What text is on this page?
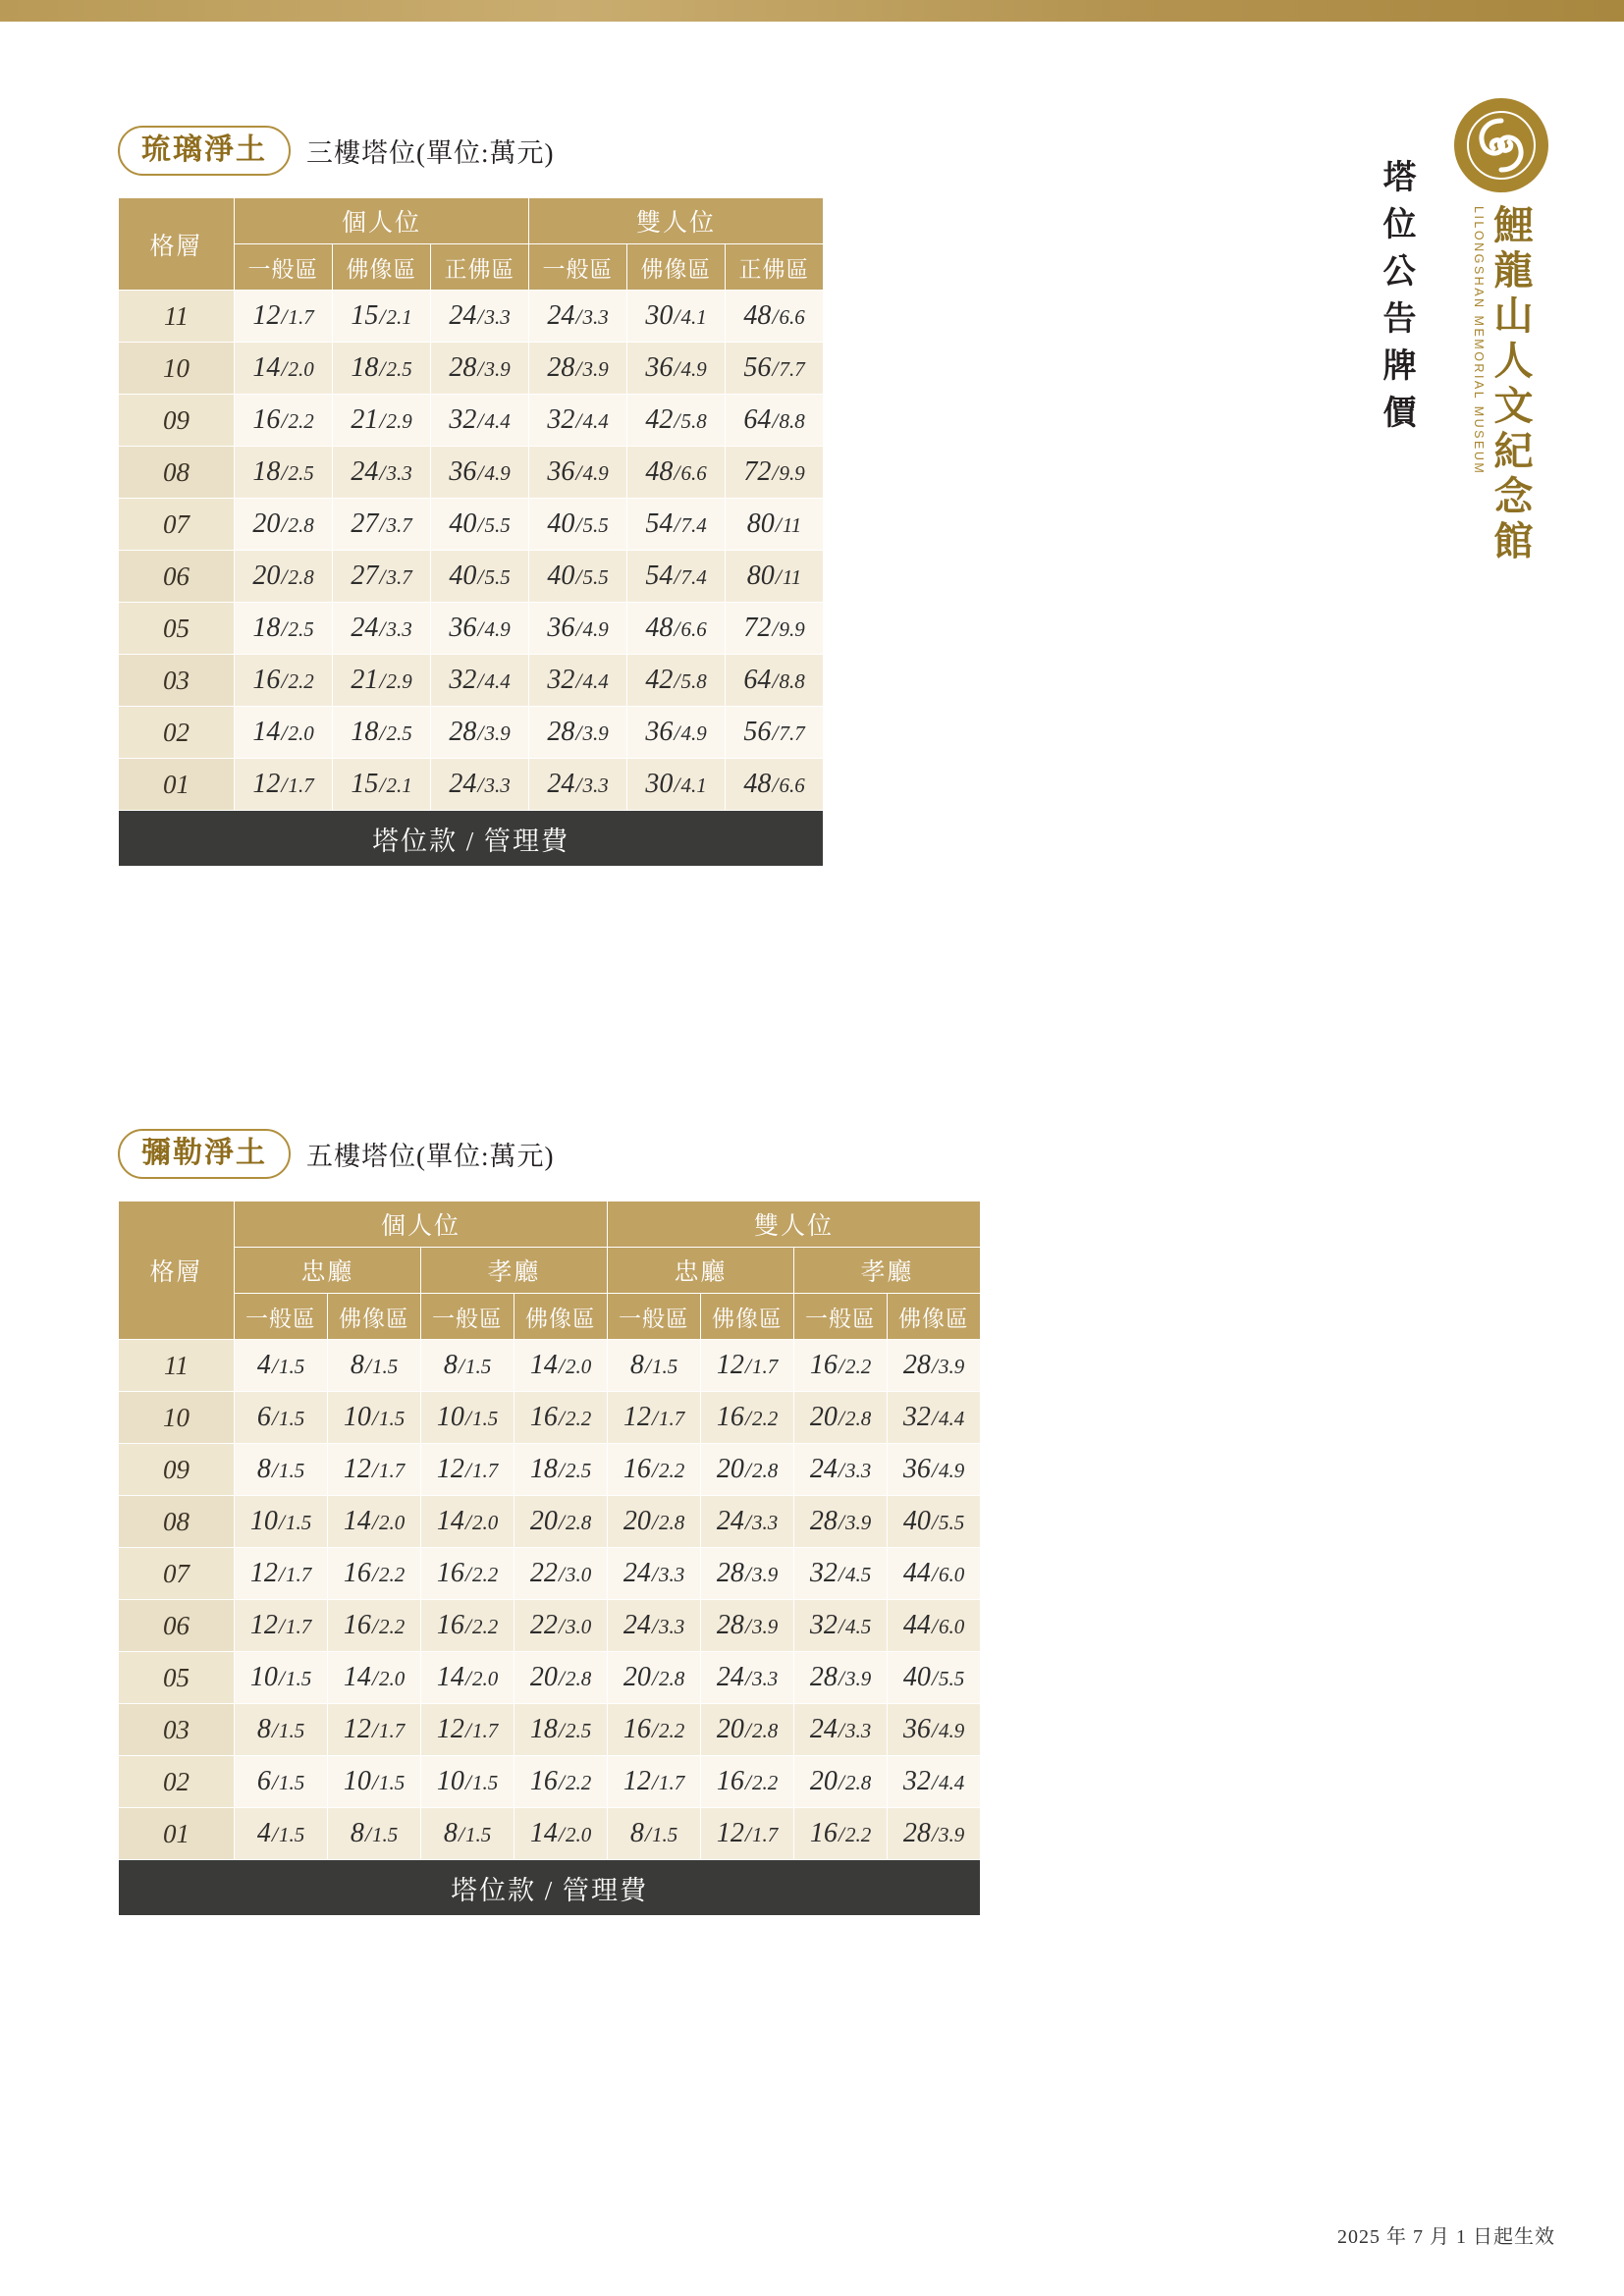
塔位公告牌價 鯉龍山人文紀念館
LILONGSHAN MEMORIAL MUSEUM
琉璃淨土	三樓塔位(單位:萬元)
格層	個人位			雙人位		
	一般區	佛像區	正佛區	一般區	佛像區	正佛區
11	12/1.7	15/2.1	24/3.3	24/3.3	30/4.1	48/6.6
10	14/2.0	18/2.5	28/3.9	28/3.9	36/4.9	56/7.7
09	16/2.2	21/2.9	32/4.4	32/4.4	42/5.8	64/8.8
08	18/2.5	24/3.3	36/4.9	36/4.9	48/6.6	72/9.9
07	20/2.8	27/3.7	40/5.5	40/5.5	54/7.4	80/11
06	20/2.8	27/3.7	40/5.5	40/5.5	54/7.4	80/11
05	18/2.5	24/3.3	36/4.9	36/4.9	48/6.6	72/9.9
03	16/2.2	21/2.9	32/4.4	32/4.4	42/5.8	64/8.8
02	14/2.0	18/2.5	28/3.9	28/3.9	36/4.9	56/7.7
01	12/1.7	15/2.1	24/3.3	24/3.3	30/4.1	48/6.6
塔位款 / 管理費						
彌勒淨土	五樓塔位(單位:萬元)
格層	個人位				雙人位			
	忠廳		孝廳		忠廳		孝廳	
	一般區	佛像區	一般區	佛像區	一般區	佛像區	一般區	佛像區
11	4/1.5	8/1.5	8/1.5	14/2.0	8/1.5	12/1.7	16/2.2	28/3.9
10	6/1.5	10/1.5	10/1.5	16/2.2	12/1.7	16/2.2	20/2.8	32/4.4
09	8/1.5	12/1.7	12/1.7	18/2.5	16/2.2	20/2.8	24/3.3	36/4.9
08	10/1.5	14/2.0	14/2.0	20/2.8	20/2.8	24/3.3	28/3.9	40/5.5
07	12/1.7	16/2.2	16/2.2	22/3.0	24/3.3	28/3.9	32/4.5	44/6.0
06	12/1.7	16/2.2	16/2.2	22/3.0	24/3.3	28/3.9	32/4.5	44/6.0
05	10/1.5	14/2.0	14/2.0	20/2.8	20/2.8	24/3.3	28/3.9	40/5.5
03	8/1.5	12/1.7	12/1.7	18/2.5	16/2.2	20/2.8	24/3.3	36/4.9
02	6/1.5	10/1.5	10/1.5	16/2.2	12/1.7	16/2.2	20/2.8	32/4.4
01	4/1.5	8/1.5	8/1.5	14/2.0	8/1.5	12/1.7	16/2.2	28/3.9
塔位款 / 管理費								
2025 年 7 月 1 日起生效
